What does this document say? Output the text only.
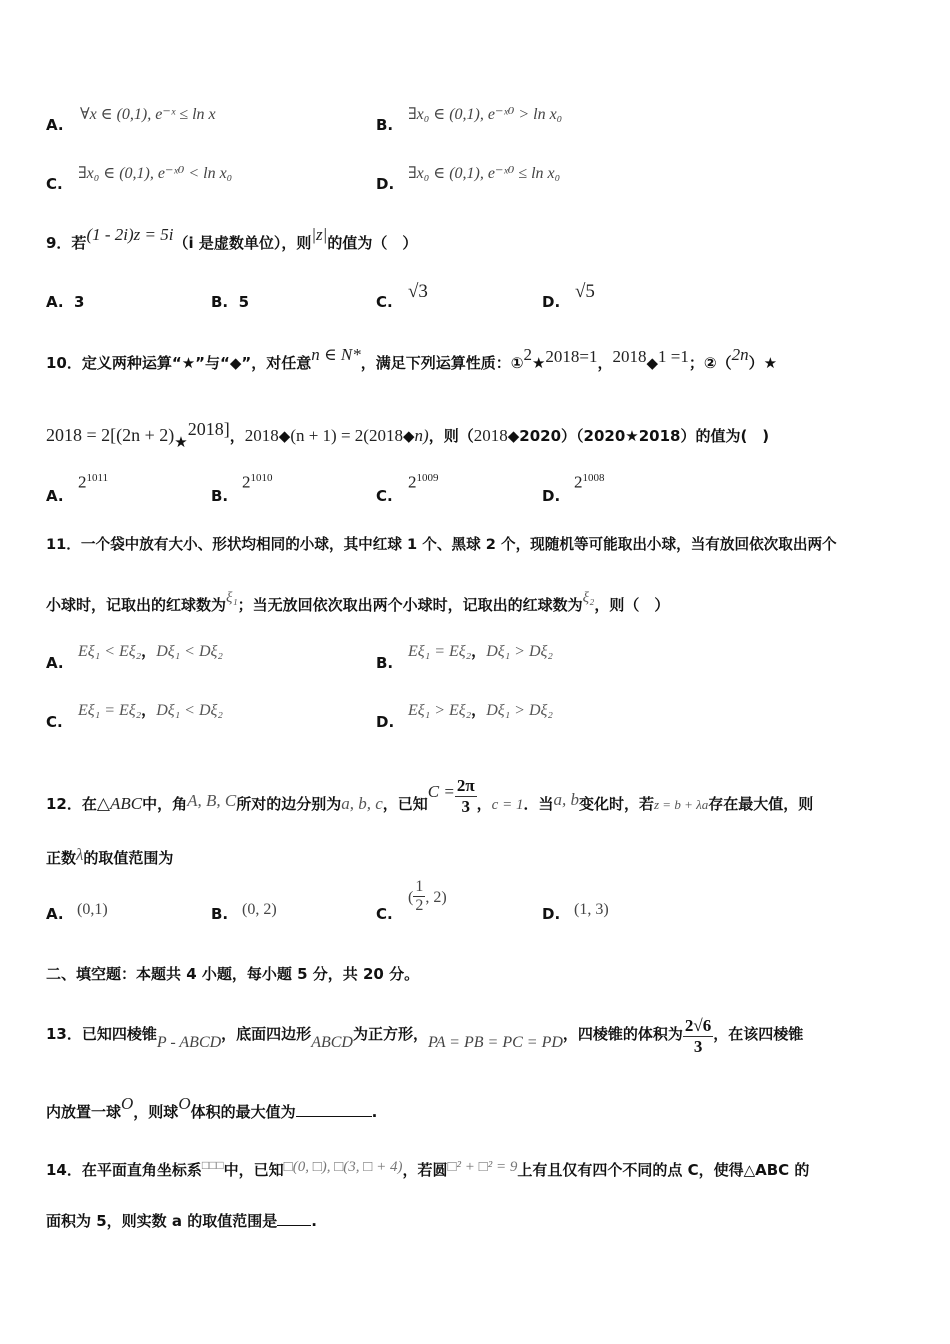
A.
∀x ∈ (0,1), e⁻ˣ ≤ ln x
B.
∃x₀ ∈ (0,1), e⁻ˣ⁰ > ln x₀
C.
∃x₀ ∈ (0,1), e⁻ˣ⁰ < ln x₀
D.
∃x₀ ∈ (0,1), e⁻ˣ⁰ ≤ ln x₀
9．若(1 - 2i)z = 5i（i 是虚数单位），则|z|的值为（　）
A. 3	B. 5	C. √3	D. √5
10．定义两种运算“★”与“◆”，对任意n ∈ N*，满足下列运算性质：①2★2018=1，2018◆1 =1；②（2n）★
2018 = 2[(2n + 2)★2018]，2018◆(n + 1) = 2(2018◆n)，则（2018◆2020）（2020★2018）的值为(　)
A.
$2^{1011}$
B.
$2^{1010}$
C.
$2^{1009}$
D.
$2^{1008}$
11．一个袋中放有大小、形状均相同的小球，其中红球 1 个、黑球 2 个，现随机等可能取出小球，当有放回依次取出两个
小球时，记取出的红球数为ξ₁；当无放回依次取出两个小球时，记取出的红球数为ξ₂，则（　）
A.
Eξ₁ < Eξ₂，Dξ₁ < Dξ₂
B.
Eξ₁ = Eξ₂，Dξ₁ > Dξ₂
C.
Eξ₁ = Eξ₂，Dξ₁ < Dξ₂
D.
Eξ₁ > Eξ₂，Dξ₁ > Dξ₂
12．在△ABC中，角A, B, C所对的边分别为a, b, c，已知$C = \frac{2\pi}{3}$ ，c = 1．当a, b变化时，若z = b + λa存在最大值，则
正数λ的取值范围为
A. (0,1)	B. (0, 2)	C.
( $\frac{1}{2}$ , 2)
D. (1, 3)
二、填空题：本题共 4 小题，每小题 5 分，共 20 分。
13．已知四棱锥P - ABCD，底面四边形ABCD为正方形，PA = PB = PC = PD，四棱锥的体积为 $\frac{2√6}{3}$ ，在该四棱锥
内放置一球O，则球O体积的最大值为	.
14．在平面直角坐标系□□□中，已知□(0, □), □(3, □ + 4)，若圆□² + □² = 9上有且仅有四个不同的点 C，使得△ABC 的
面积为 5，则实数 a 的取值范围是 .
